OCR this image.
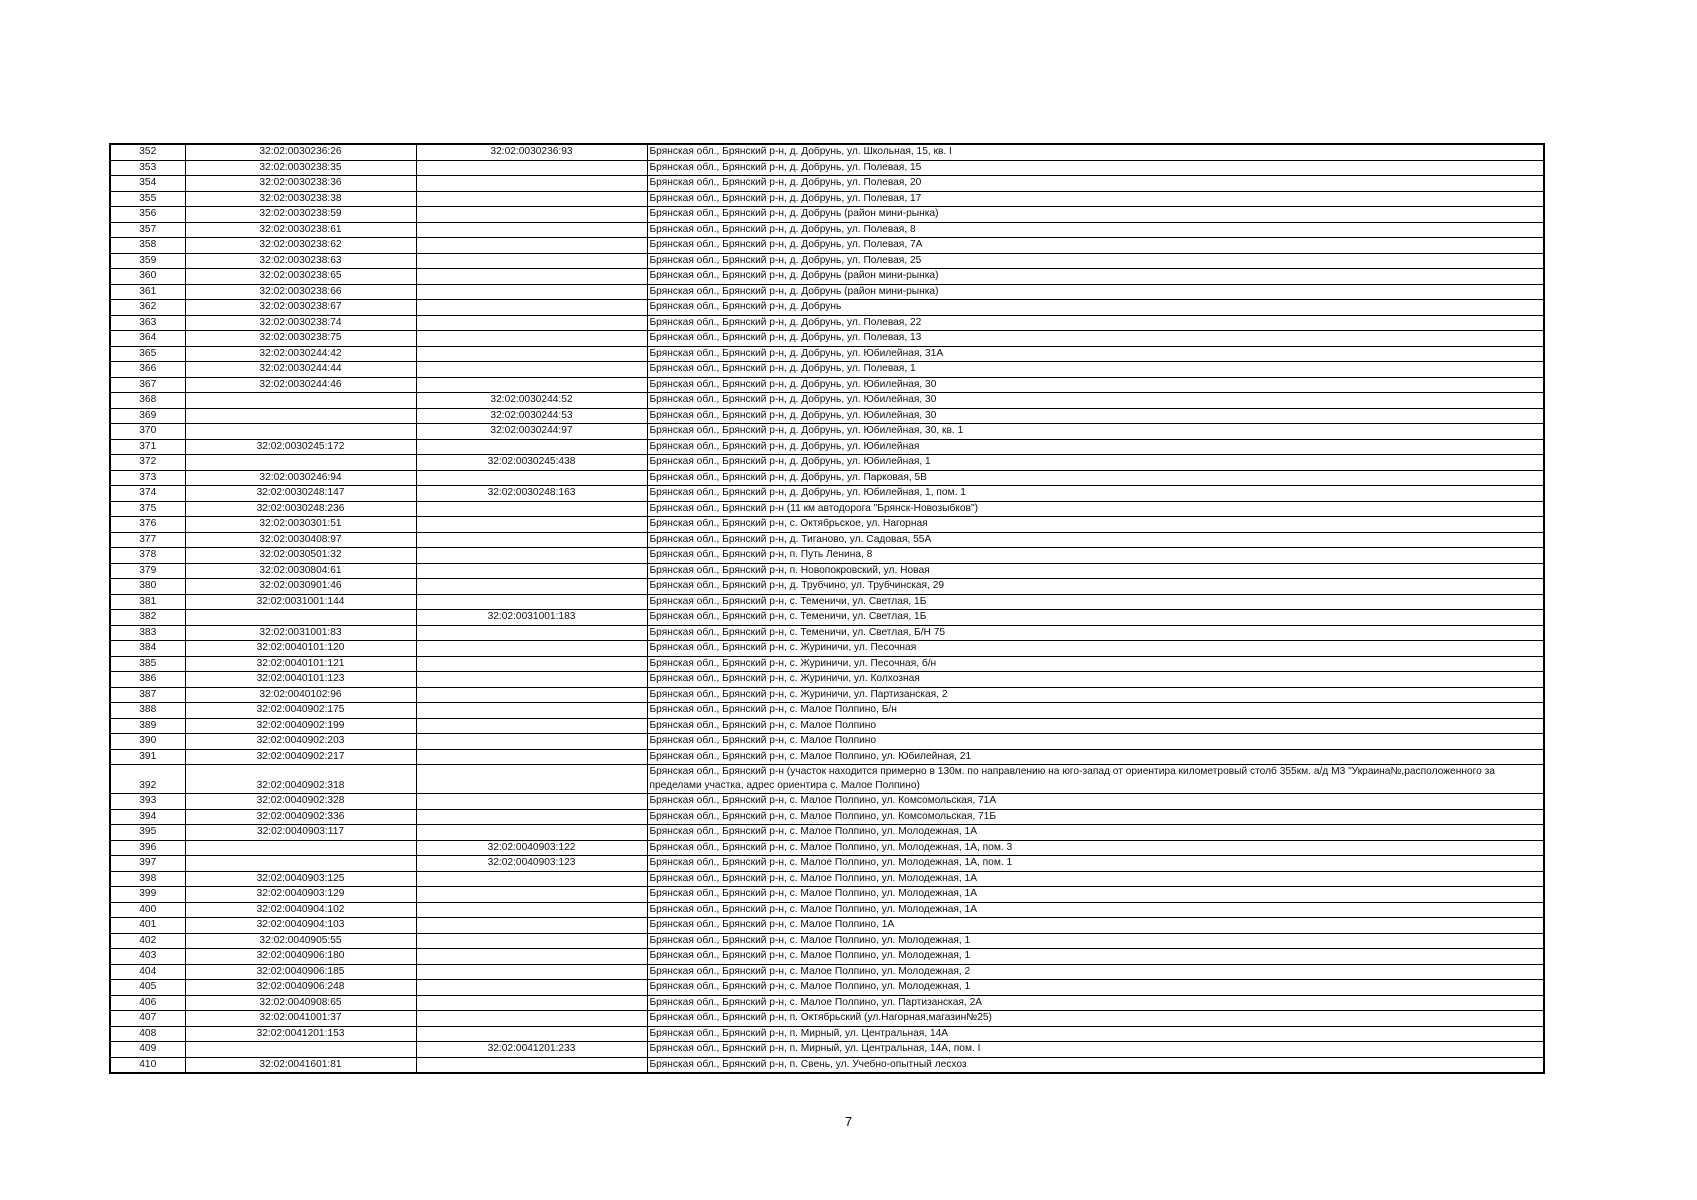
352	32:02:0030236:26	32:02:0030236:93	Брянская обл., Брянский р-н, д. Добрунь, ул. Школьная, 15, кв. I
353	32:02:0030238:35		Брянская обл., Брянский р-н, д. Добрунь, ул. Полевая, 15
354	32:02:0030238:36		Брянская обл., Брянский р-н, д. Добрунь, ул. Полевая, 20
355	32:02:0030238:38		Брянская обл., Брянский р-н, д. Добрунь, ул. Полевая, 17
356	32:02:0030238:59		Брянская обл., Брянский р-н, д. Добрунь (район мини-рынка)
357	32:02:0030238:61		Брянская обл., Брянский р-н, д. Добрунь, ул. Полевая, 8
358	32:02:0030238:62		Брянская обл., Брянский р-н, д. Добрунь, ул. Полевая, 7А
359	32:02:0030238:63		Брянская обл., Брянский р-н, д. Добрунь, ул. Полевая, 25
360	32:02:0030238:65		Брянская обл., Брянский р-н, д. Добрунь (район мини-рынка)
361	32:02:0030238:66		Брянская обл., Брянский р-н, д. Добрунь (район мини-рынка)
362	32:02:0030238:67		Брянская обл., Брянский р-н, д. Добрунь
363	32:02:0030238:74		Брянская обл., Брянский р-н, д. Добрунь, ул. Полевая, 22
364	32:02:0030238:75		Брянская обл., Брянский р-н, д. Добрунь, ул. Полевая, 13
365	32:02:0030244:42		Брянская обл., Брянский р-н, д. Добрунь, ул. Юбилейная, 31А
366	32:02:0030244:44		Брянская обл., Брянский р-н, д. Добрунь, ул. Полевая, 1
367	32:02:0030244:46		Брянская обл., Брянский р-н, д. Добрунь, ул. Юбилейная, 30
368		32:02:0030244:52	Брянская обл., Брянский р-н, д. Добрунь, ул. Юбилейная, 30
369		32:02:0030244:53	Брянская обл., Брянский р-н, д. Добрунь, ул. Юбилейная, 30
370		32:02:0030244:97	Брянская обл., Брянский р-н, д. Добрунь, ул. Юбилейная, 30, кв. 1
371	32:02:0030245:172		Брянская обл., Брянский р-н, д. Добрунь, ул. Юбилейная
372		32:02:0030245:438	Брянская обл., Брянский р-н, д. Добрунь, ул. Юбилейная, 1
373	32:02:0030246:94		Брянская обл., Брянский р-н, д. Добрунь, ул. Парковая, 5В
374	32:02:0030248:147	32:02:0030248:163	Брянская обл., Брянский р-н, д. Добрунь, ул. Юбилейная, 1, пом. 1
375	32:02:0030248:236		Брянская обл., Брянский р-н (11 км автодорога "Брянск-Новозыбков")
376	32:02:0030301:51		Брянская обл., Брянский р-н, с. Октябрьское, ул. Нагорная
377	32:02:0030408:97		Брянская обл., Брянский р-н, д. Тиганово, ул. Садовая, 55А
378	32:02:0030501:32		Брянская обл., Брянский р-н, п. Путь Ленина, 8
379	32:02:0030804:61		Брянская обл., Брянский р-н, п. Новопокровский, ул. Новая
380	32:02:0030901:46		Брянская обл., Брянский р-н, д. Трубчино, ул. Трубчинская, 29
381	32:02:0031001:144		Брянская обл., Брянский р-н, с. Теменичи, ул. Светлая, 1Б
382		32:02:0031001:183	Брянская обл., Брянский р-н, с. Теменичи, ул. Светлая, 1Б
383	32:02:0031001:83		Брянская обл., Брянский р-н, с. Теменичи, ул. Светлая, Б/Н 75
384	32:02:0040101:120		Брянская обл., Брянский р-н, с. Журиничи, ул. Песочная
385	32:02:0040101:121		Брянская обл., Брянский р-н, с. Журиничи, ул. Песочная, б/н
386	32:02:0040101:123		Брянская обл., Брянский р-н, с. Журиничи, ул. Колхозная
387	32:02:0040102:96		Брянская обл., Брянский р-н, с. Журиничи, ул. Партизанская, 2
388	32:02:0040902:175		Брянская обл., Брянский р-н, с. Малое Полпино, Б/н
389	32:02:0040902:199		Брянская обл., Брянский р-н, с. Малое Полпино
390	32:02:0040902:203		Брянская обл., Брянский р-н, с. Малое Полпино
391	32:02:0040902:217		Брянская обл., Брянский р-н, с. Малое Полпино, ул. Юбилейная, 21
392	32:02:0040902:318		Брянская обл., Брянский р-н (участок находится примерно в 130м. по направлению на юго-запад от ориентира километровый столб 355км. а/д М3 "Украина№,расположенного за пределами участка, адрес ориентира с. Малое Полпино)
393	32:02:0040902:328		Брянская обл., Брянский р-н, с. Малое Полпино, ул. Комсомольская, 71А
394	32:02:0040902:336		Брянская обл., Брянский р-н, с. Малое Полпино, ул. Комсомольская, 71Б
395	32:02:0040903:117		Брянская обл., Брянский р-н, с. Малое Полпино, ул. Молодежная, 1А
396		32:02:0040903:122	Брянская обл., Брянский р-н, с. Малое Полпино, ул. Молодежная, 1А, пом. 3
397		32:02:0040903:123	Брянская обл., Брянский р-н, с. Малое Полпино, ул. Молодежная, 1А, пом. 1
398	32:02:0040903:125		Брянская обл., Брянский р-н, с. Малое Полпино, ул. Молодежная, 1А
399	32:02:0040903:129		Брянская обл., Брянский р-н, с. Малое Полпино, ул. Молодежная, 1А
400	32:02:0040904:102		Брянская обл., Брянский р-н, с. Малое Полпино, ул. Молодежная, 1А
401	32:02:0040904:103		Брянская обл., Брянский р-н, с. Малое Полпино, 1А
402	32:02:0040905:55		Брянская обл., Брянский р-н, с. Малое Полпино, ул. Молодежная, 1
403	32:02:0040906:180		Брянская обл., Брянский р-н, с. Малое Полпино, ул. Молодежная, 1
404	32:02:0040906:185		Брянская обл., Брянский р-н, с. Малое Полпино, ул. Молодежная, 2
405	32:02:0040906:248		Брянская обл., Брянский р-н, с. Малое Полпино, ул. Молодежная, 1
406	32:02:0040908:65		Брянская обл., Брянский р-н, с. Малое Полпино, ул. Партизанская, 2А
407	32:02:0041001:37		Брянская обл., Брянский р-н, п. Октябрьский (ул.Нагорная,магазин№25)
408	32:02:0041201:153		Брянская обл., Брянский р-н, п. Мирный, ул. Центральная, 14А
409		32:02:0041201:233	Брянская обл., Брянский р-н, п. Мирный, ул. Центральная, 14А, пом. I
410	32:02:0041601:81		Брянская обл., Брянский р-н, п. Свень, ул. Учебно-опытный лесхоз
7
